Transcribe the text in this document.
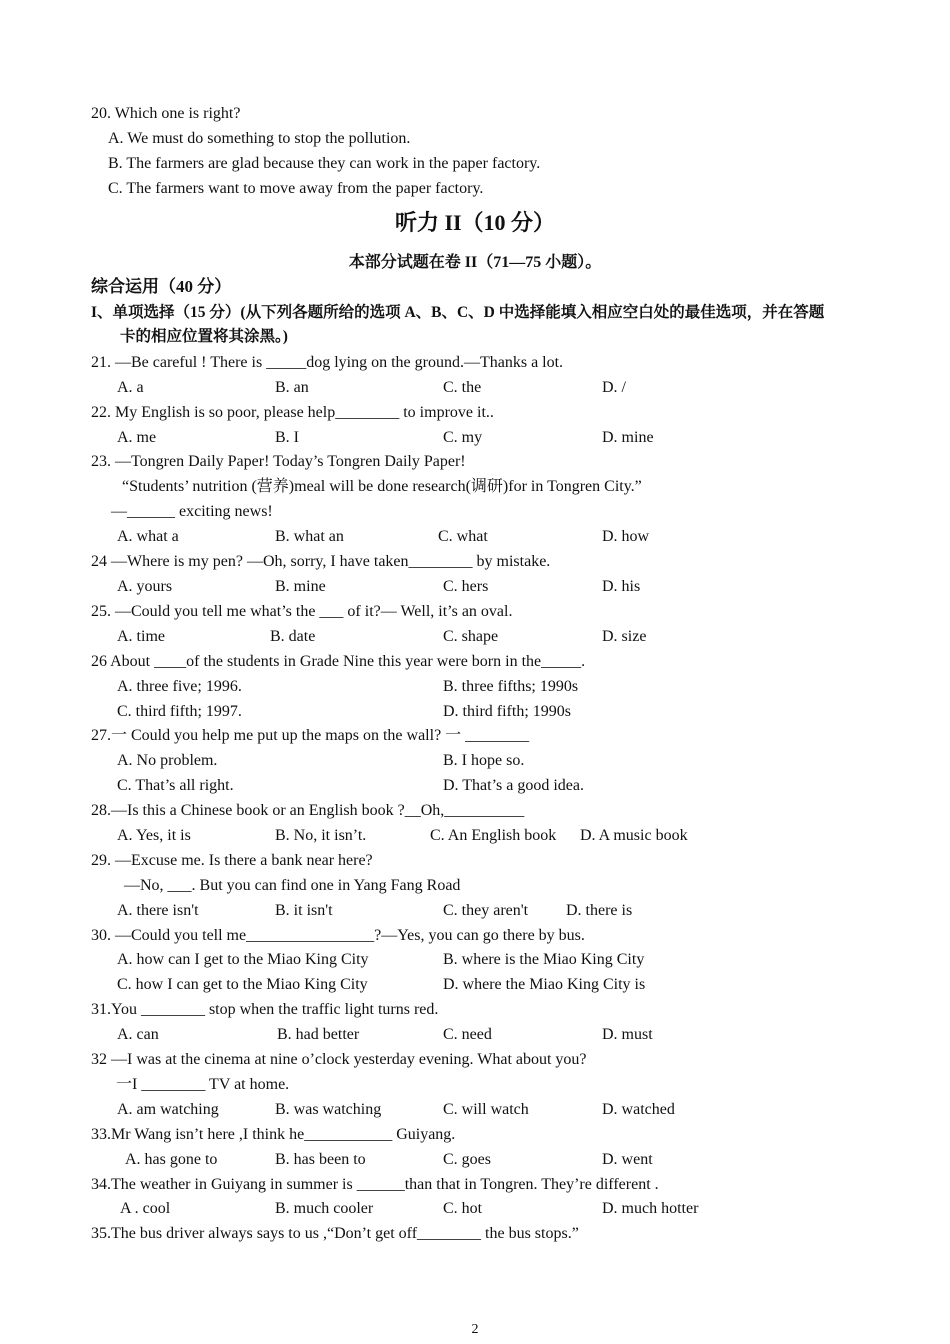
20. Which one is right?
A. We must do something to stop the pollution.
B. The farmers are glad because they can work in the paper factory.
C. The farmers want to move away from the paper factory.
听力 II（10 分）
本部分试题在卷 II（71—75 小题）。
综合运用（40 分）
I、单项选择（15 分）(从下列各题所给的选项 A、B、C、D 中选择能填入相应空白处的最佳选项，并在答题
卡的相应位置将其涂黑。)
21. —Be careful ! There is _____dog lying on the ground.—Thanks a lot.
A. a	B. an	C. the	D. /
22. My English is so poor, please help________ to improve it..
A. me	B. I	C. my	D. mine
23. —Tongren Daily Paper! Today’s Tongren Daily Paper!
“Students’ nutrition (营养)meal will be done research(调研)for in Tongren City.”
—______ exciting news!
A. what a	B. what an	C. what	D. how
24 —Where is my pen? —Oh, sorry, I have taken________ by mistake.
A. yours	B. mine	C. hers	D. his
25. —Could you tell me what’s the ___ of it?— Well, it’s an oval.
A. time	B. date	C. shape	D. size
26 About ____of the students in Grade Nine this year were born in the_____.
A. three five; 1996.	B. three fifths; 1990s
C. third fifth; 1997.	D. third fifth; 1990s
27.一 Could you help me put up the maps on the wall? 一 ________
A. No problem.	B. I hope so.
C. That’s all right.	D. That’s a good idea.
28.—Is this a Chinese book or an English book ?__Oh,__________
A. Yes, it is	B. No, it isn’t.	C. An English book D. A music book
29. —Excuse me. Is there a bank near here?
—No, ___. But you can find one in Yang Fang Road
A. there isn't	B. it isn't	C. they aren't D. there is
30. —Could you tell me________________?—Yes, you can go there by bus.
A. how can I get to the Miao King City	B. where is the Miao King City
C. how I can get to the Miao King City	D. where the Miao King City is
31.You ________ stop when the traffic light turns red.
A. can	B. had better	C. need	D. must
32 —I was at the cinema at nine o’clock yesterday evening. What about you?
一I ________ TV at home.
A. am watching	B. was watching	C. will watch	D. watched
33.Mr Wang isn’t here ,I think he___________ Guiyang.
A. has gone to	B. has been to	C. goes	D. went
34.The weather in Guiyang in summer is ______than that in Tongren. They’re different .
A . cool	B. much cooler	C. hot	D. much hotter
35.The bus driver always says to us ,“Don’t get off________ the bus stops.”
2
